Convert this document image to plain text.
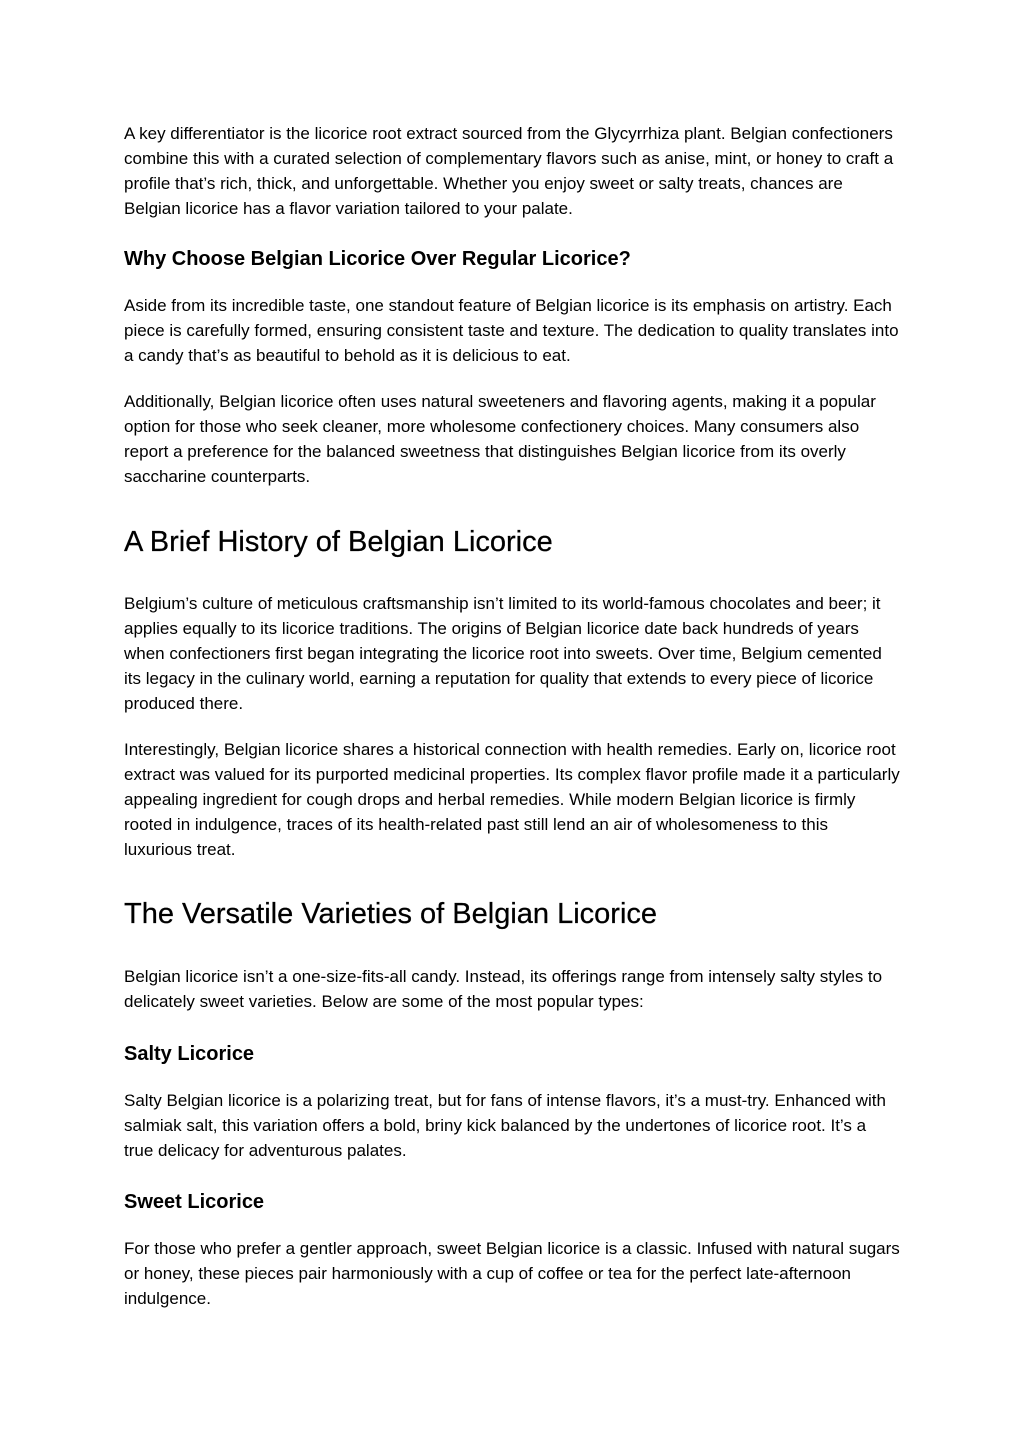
A key differentiator is the licorice root extract sourced from the Glycyrrhiza plant. Belgian confectioners combine this with a curated selection of complementary flavors such as anise, mint, or honey to craft a profile that’s rich, thick, and unforgettable. Whether you enjoy sweet or salty treats, chances are Belgian licorice has a flavor variation tailored to your palate.

Why Choose Belgian Licorice Over Regular Licorice?

Aside from its incredible taste, one standout feature of Belgian licorice is its emphasis on artistry. Each piece is carefully formed, ensuring consistent taste and texture. The dedication to quality translates into a candy that’s as beautiful to behold as it is delicious to eat.

Additionally, Belgian licorice often uses natural sweeteners and flavoring agents, making it a popular option for those who seek cleaner, more wholesome confectionery choices. Many consumers also report a preference for the balanced sweetness that distinguishes Belgian licorice from its overly saccharine counterparts.

A Brief History of Belgian Licorice

Belgium’s culture of meticulous craftsmanship isn’t limited to its world-famous chocolates and beer; it applies equally to its licorice traditions. The origins of Belgian licorice date back hundreds of years when confectioners first began integrating the licorice root into sweets. Over time, Belgium cemented its legacy in the culinary world, earning a reputation for quality that extends to every piece of licorice produced there.

Interestingly, Belgian licorice shares a historical connection with health remedies. Early on, licorice root extract was valued for its purported medicinal properties. Its complex flavor profile made it a particularly appealing ingredient for cough drops and herbal remedies. While modern Belgian licorice is firmly rooted in indulgence, traces of its health-related past still lend an air of wholesomeness to this luxurious treat.

The Versatile Varieties of Belgian Licorice

Belgian licorice isn’t a one-size-fits-all candy. Instead, its offerings range from intensely salty styles to delicately sweet varieties. Below are some of the most popular types:

Salty Licorice

Salty Belgian licorice is a polarizing treat, but for fans of intense flavors, it’s a must-try. Enhanced with salmiak salt, this variation offers a bold, briny kick balanced by the undertones of licorice root. It’s a true delicacy for adventurous palates.

Sweet Licorice

For those who prefer a gentler approach, sweet Belgian licorice is a classic. Infused with natural sugars or honey, these pieces pair harmoniously with a cup of coffee or tea for the perfect late-afternoon indulgence.
